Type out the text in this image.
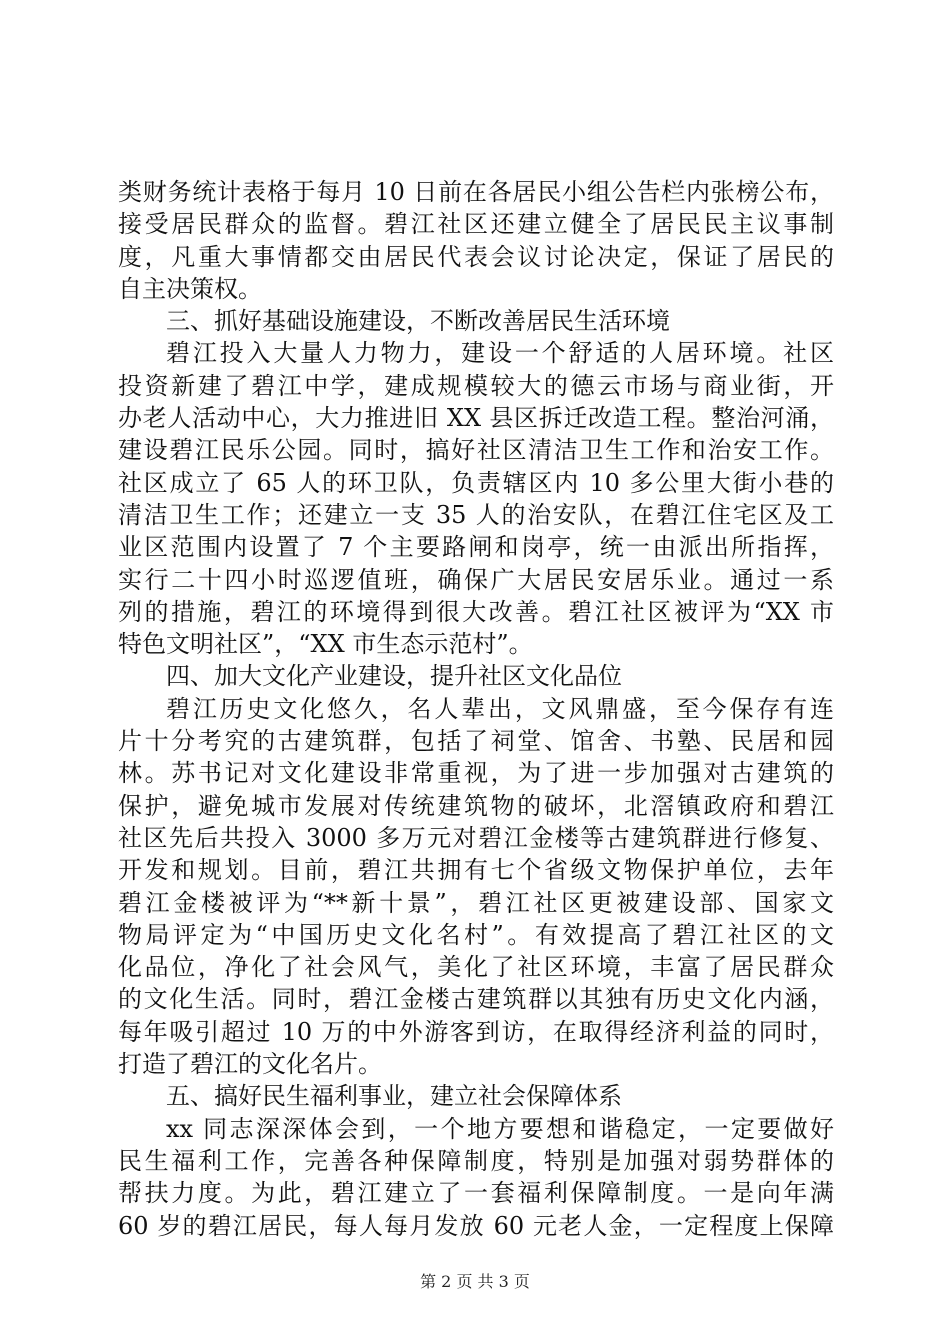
类财务统计表格于每月 10 日前在各居民小组公告栏内张榜公布，
接受居民群众的监督。碧江社区还建立健全了居民民主议事制
度，凡重大事情都交由居民代表会议讨论决定，保证了居民的
自主决策权。
三、抓好基础设施建设，不断改善居民生活环境
碧江投入大量人力物力，建设一个舒适的人居环境。社区
投资新建了碧江中学，建成规模较大的德云市场与商业街，开
办老人活动中心，大力推进旧 XX 县区拆迁改造工程。整治河涌，
建设碧江民乐公园。同时，搞好社区清洁卫生工作和治安工作。
社区成立了 65 人的环卫队，负责辖区内 10 多公里大街小巷的
清洁卫生工作；还建立一支 35 人的治安队，在碧江住宅区及工
业区范围内设置了 7 个主要路闸和岗亭，统一由派出所指挥，
实行二十四小时巡逻值班，确保广大居民安居乐业。通过一系
列的措施，碧江的环境得到很大改善。碧江社区被评为“XX 市
特色文明社区”，“XX 市生态示范村”。
四、加大文化产业建设，提升社区文化品位
碧江历史文化悠久，名人辈出，文风鼎盛，至今保存有连
片十分考究的古建筑群，包括了祠堂、馆舍、书塾、民居和园
林。苏书记对文化建设非常重视，为了进一步加强对古建筑的
保护，避免城市发展对传统建筑物的破坏，北滘镇政府和碧江
社区先后共投入 3000 多万元对碧江金楼等古建筑群进行修复、
开发和规划。目前，碧江共拥有七个省级文物保护单位，去年
碧江金楼被评为“**新十景”，碧江社区更被建设部、国家文
物局评定为“中国历史文化名村”。有效提高了碧江社区的文
化品位，净化了社会风气，美化了社区环境，丰富了居民群众
的文化生活。同时，碧江金楼古建筑群以其独有历史文化内涵，
每年吸引超过 10 万的中外游客到访，在取得经济利益的同时，
打造了碧江的文化名片。
五、搞好民生福利事业，建立社会保障体系
xx 同志深深体会到，一个地方要想和谐稳定，一定要做好
民生福利工作，完善各种保障制度，特别是加强对弱势群体的
帮扶力度。为此，碧江建立了一套福利保障制度。一是向年满
60 岁的碧江居民，每人每月发放 60 元老人金，一定程度上保障
第 2 页 共 3 页
